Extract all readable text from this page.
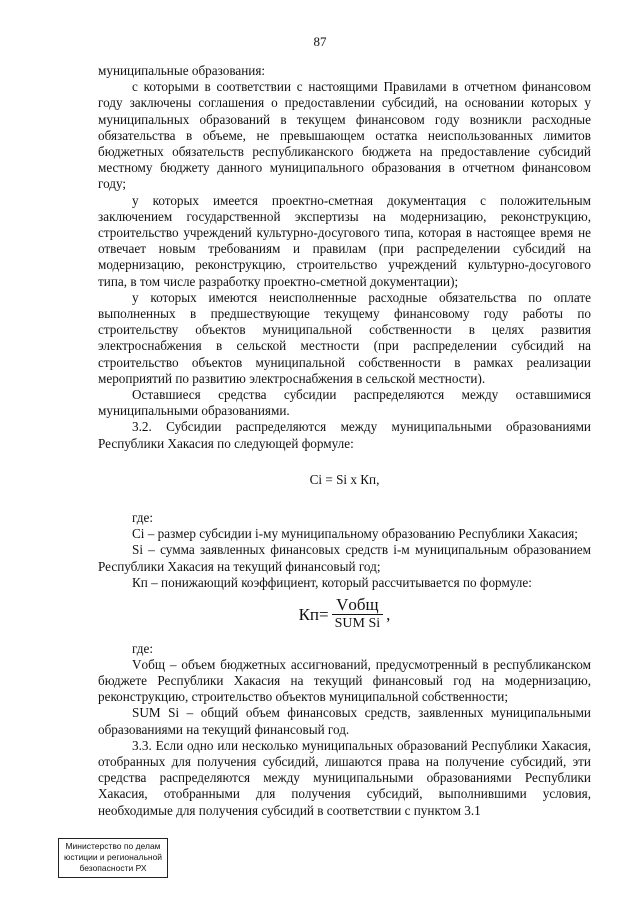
87

муниципальные образования:

с которыми в соответствии с настоящими Правилами в отчетном финансовом году заключены соглашения о предоставлении субсидий, на основании которых у муниципальных образований в текущем финансовом году возникли расходные обязательства в объеме, не превышающем остатка неиспользованных лимитов бюджетных обязательств республиканского бюджета на предоставление субсидий местному бюджету данного муниципального образования в отчетном финансовом году;

у которых имеется проектно-сметная документация с положительным заключением государственной экспертизы на модернизацию, реконструкцию, строительство учреждений культурно-досугового типа, которая в настоящее время не отвечает новым требованиям и правилам (при распределении субсидий на модернизацию, реконструкцию, строительство учреждений культурно-досугового типа, в том числе разработку проектно-сметной документации);

у которых имеются неисполненные расходные обязательства по оплате выполненных в предшествующие текущему финансовому году работы по строительству объектов муниципальной собственности в целях развития электроснабжения в сельской местности (при распределении субсидий на строительство объектов муниципальной собственности в рамках реализации мероприятий по развитию электроснабжения в сельской местности).

Оставшиеся средства субсидии распределяются между оставшимися муниципальными образованиями.

3.2. Субсидии распределяются между муниципальными образованиями Республики Хакасия по следующей формуле:

Ci = Si x Кп,

где:

Ci – размер субсидии i-му муниципальному образованию Республики Хакасия;

Si – сумма заявленных финансовых средств i-м муниципальным образованием Республики Хакасия на текущий финансовый год;

Кп – понижающий коэффициент, который рассчитывается по формуле:

$Кп= \frac{\text{Vобщ}}{\text{SUM Si}}$ ,

где:

Vобщ – объем бюджетных ассигнований, предусмотренный в республиканском бюджете Республики Хакасия на текущий финансовый год на модернизацию, реконструкцию, строительство объектов муниципальной собственности;

SUM Si – общий объем финансовых средств, заявленных муниципальными образованиями на текущий финансовый год.

3.3. Если одно или несколько муниципальных образований Республики Хакасия, отобранных для получения субсидий, лишаются права на получение субсидий, эти средства распределяются между муниципальными образованиями Республики Хакасия, отобранными для получения субсидий, выполнившими условия, необходимые для получения субсидий в соответствии с пунктом 3.1

Министерство по делам
юстиции и региональной
безопасности РХ
